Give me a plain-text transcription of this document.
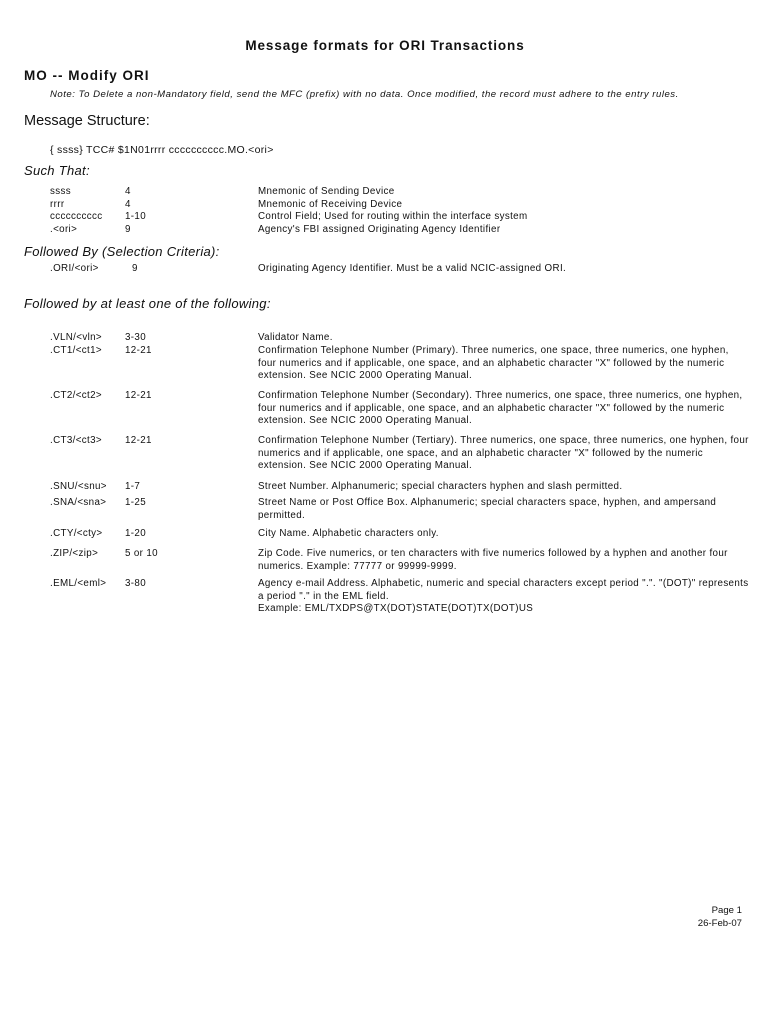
Message formats for ORI Transactions
MO -- Modify ORI
Note: To Delete a non-Mandatory field, send the MFC (prefix) with no data. Once modified, the record must adhere to the entry rules.
Message Structure:
{ ssss} TCC# $1N01rrrr cccccccccc.MO.<ori>
Such That:
ssss	4	Mnemonic of Sending Device
rrrr	4	Mnemonic of Receiving Device
cccccccccc 1-10	Control Field; Used for routing within the interface system
.<ori>	9	Agency's FBI assigned Originating Agency Identifier
Followed By (Selection Criteria):
.ORI/<ori>	9	Originating Agency Identifier. Must be a valid NCIC-assigned ORI.
Followed by at least one of the following:
.VLN/<vln> 3-30	Validator Name.
.CT1/<ct1> 12-21	Confirmation Telephone Number (Primary). Three numerics, one space, three numerics, one hyphen, four numerics and if applicable, one space, and an alphabetic character "X" followed by the numeric extension. See NCIC 2000 Operating Manual.
.CT2/<ct2> 12-21	Confirmation Telephone Number (Secondary). Three numerics, one space, three numerics, one hyphen, four numerics and if applicable, one space, and an alphabetic character "X" followed by the numeric extension. See NCIC 2000 Operating Manual.
.CT3/<ct3> 12-21	Confirmation Telephone Number (Tertiary). Three numerics, one space, three numerics, one hyphen, four numerics and if applicable, one space, and an alphabetic character "X" followed by the numeric extension. See NCIC 2000 Operating Manual.
.SNU/<snu> 1-7	Street Number. Alphanumeric; special characters hyphen and slash permitted.
.SNA/<sna> 1-25	Street Name or Post Office Box. Alphanumeric; special characters space, hyphen, and ampersand permitted.
.CTY/<cty> 1-20	City Name. Alphabetic characters only.
.ZIP/<zip>	5 or 10	Zip Code. Five numerics, or ten characters with five numerics followed by a hyphen and another four numerics. Example: 77777 or 99999-9999.
.EML/<eml> 3-80	Agency e-mail Address. Alphabetic, numeric and special characters except period ".". "(DOT)" represents a period "." in the EML field.
Example: EML/TXDPS@TX(DOT)STATE(DOT)TX(DOT)US
Page 1
26-Feb-07
